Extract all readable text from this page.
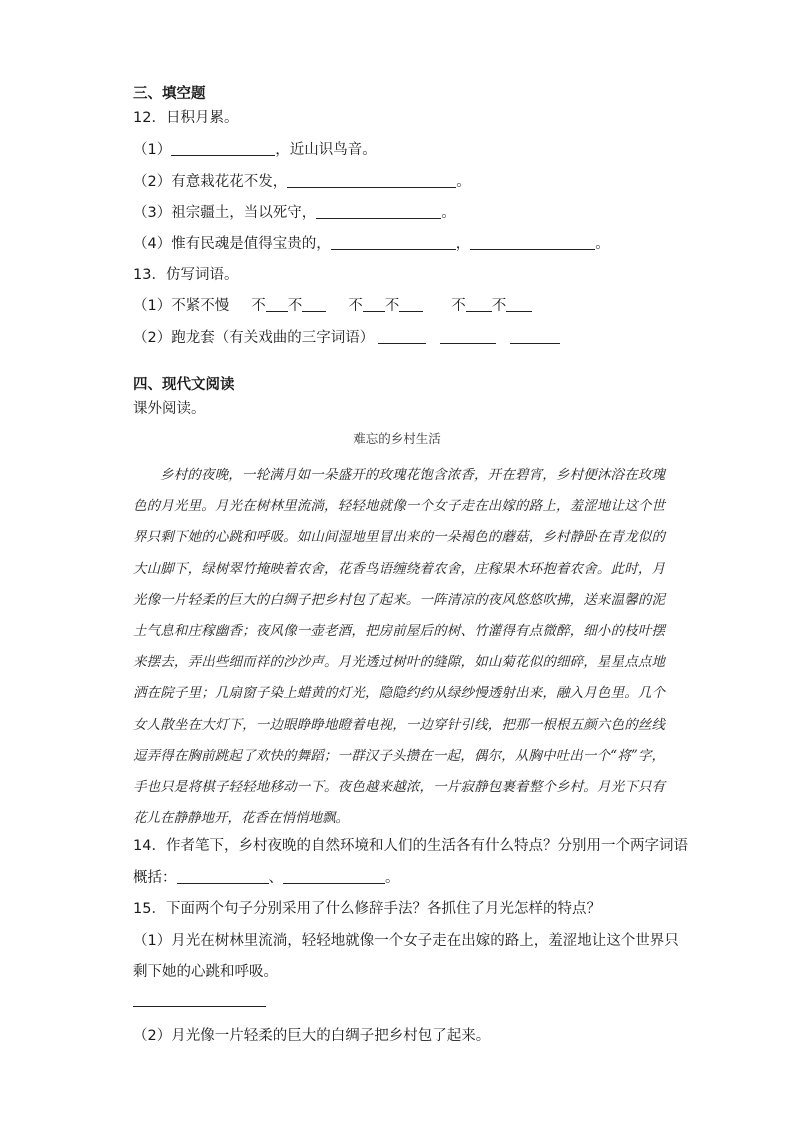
三、填空题
12．日积月累。
（1）	，近山识鸟音。
（2）有意栽花花不发，	。
（3）祖宗疆土，当以死守，	。
（4）惟有民魂是值得宝贵的，	，	。
13．仿写词语。
（1）不紧不慢 不 不	不 不	不 不
（2）跑龙套（有关戏曲的三字词语）
四、现代文阅读
课外阅读。
难忘的乡村生活
乡村的夜晚，一轮满月如一朵盛开的玫瑰花饱含浓香，开在碧宵，乡村便沐浴在玫瑰色的月光里。月光在树林里流淌，轻轻地就像一个女子走在出嫁的路上，羞涩地让这个世界只剩下她的心跳和呼吸。如山间湿地里冒出来的一朵褐色的蘑菇，乡村静卧在青龙似的大山脚下，绿树翠竹掩映着农舍，花香鸟语缠绕着农舍，庄稼果木环抱着农舍。此时，月光像一片轻柔的巨大的白绸子把乡村包了起来。一阵清凉的夜风悠悠吹拂，送来温馨的泥土气息和庄稼幽香；夜风像一壶老酒，把房前屋后的树、竹灌得有点微醉，细小的枝叶摆来摆去，弄出些细而祥的沙沙声。月光透过树叶的缝隙，如山菊花似的细碎，星星点点地洒在院子里；几扇窗子染上蜡黄的灯光，隐隐约约从绿纱慢透射出来，融入月色里。几个女人散坐在大灯下，一边眼睁睁地瞪着电视，一边穿针引线，把那一根根五颜六色的丝线逗弄得在胸前跳起了欢快的舞蹈；一群汉子头攒在一起，偶尔，从胸中吐出一个“将”字，手也只是将棋子轻轻地移动一下。夜色越来越浓，一片寂静包裹着整个乡村。月光下只有花儿在静静地开，花香在悄悄地飘。
14．作者笔下，乡村夜晚的自然环境和人们的生活各有什么特点？分别用一个两字词语
概括：	、	。
15．下面两个句子分别采用了什么修辞手法？各抓住了月光怎样的特点？
（1）月光在树林里流淌，轻轻地就像一个女子走在出嫁的路上，羞涩地让这个世界只
剩下她的心跳和呼吸。
（2）月光像一片轻柔的巨大的白绸子把乡村包了起来。
